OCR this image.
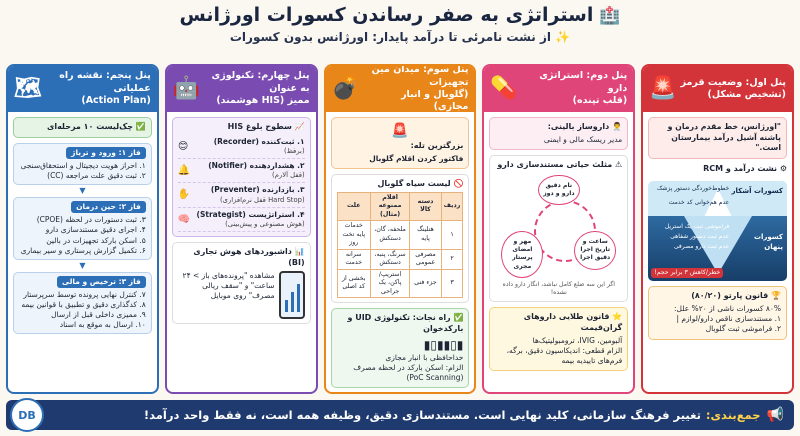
🏥استراتژی به صفر رساندن کسورات اورژانس
✨ از نشت نامرئی تا درآمد پایدار: اورژانس بدون کسورات
پنل اول: وضعیت قرمز
(تشخیص مشکل)
🚨
"اورژانس، خط مقدم درمان و پاشنه آشیل درآمد بیمارستان است."
⚙ نشت درآمد و RCM
کسورات آشکار
کسورات پنهان
خطوط‌خوردگی دستور پزشک
عدم هم‌خوانی کد خدمت
فراموشی ثبت یک استریل
عدم ثبت دستور شفاهی
عدم ثبت دارو مصرفی
خطر/کاهش ۳ برابر حجم!
🏆 قانون پارتو (۸۰/۲۰)
۸۰% کسورات ناشی از ۲۰% علل:
۱. مستندسازی ناقص دارو/لوازم |
۲. فراموشی ثبت گلوبال
پنل دوم: استراتژی دارو
(قلب تپنده)
💊
👨‍⚕️داروساز بالینی:
مدیر ریسک مالی و ایمنی
⚠ مثلث حیاتی مستندسازی دارو
نام دقیق دارو و دوز
ساعت و تاریخ اجرا دقیق اجرا
مهر و امضای پرستار مجری
اگر این سه ضلع کامل نباشد، انگار دارو داده نشده!
⭐ قانون طلایی داروهای گران‌قیمت
آلبومین، IVIG، ترومبولیتیک‌ها
الزام قطعی: اندیکاسیون دقیق، برگه، فرم‌های تاییدیه بیمه
پنل سوم: میدان مین تجهیزات
(گلوبال و انبار مجازی)
💣
🚨
بزرگترین تله:
فاکتور کردن اقلام گلوبال
🚫 لیست سیاه گلوبال
ردیف	دسته کالا	اقلام ممنوعه (مثال)	علت
۱	هتلینگ پایه	ملحفه، گان، دستکش	خدمات پایه تخت روز
۲	مصرفی عمومی	سرنگ، پنبه، دستکش	سرانه خدمت
۳	جزء فنی	استریپ/پاکن، یک جراحی	بخشی از کد اصلی
✅ راه نجات: تکنولوژی UID و بارکدخوان
▮▯▮▮▯▮
خداحافظی با انبار مجازی
الزام: اسکن بارکد در لحظه مصرف (PoC Scanning)
پنل چهارم: تکنولوژی به عنوان
ممیز (HIS هوشمند)
🤖
📈 سطوح بلوغ HIS
۱. ثبت‌کننده (Recorder)
(برفظ)
😊
۲. هشداردهنده (Notifier)
(قفل آلارم)
🔔
۳. بازدارنده (Preventer)
(Hard Stop قفل نرم‌افزاری)
✋
۴. استراتژیست (Strategist)
(هوش مصنوعی و پیش‌بینی)
🧠
📊 داشبوردهای هوش تجاری (BI)
مشاهده "پرونده‌های باز > ۲۴ ساعت" و "سقف ریالی مصرف" روی موبایل
پنل پنجم: نقشه راه عملیاتی
(Action Plan)
🗺
✅ چک‌لیست ۱۰ مرحله‌ای
فاز ۱: ورود و ترباژ
۱. احراز هویت دیجیتال و استحقاق‌سنجی
۲. ثبت دقیق علت مراجعه (CC)
▼
فاز ۲: حین درمان
۳. ثبت دستورات در لحظه (CPOE)
۴. اجرای دقیق مستندسازی دارو
۵. اسکن بارکد تجهیزات در بالین
۶. تکمیل گزارش پرستاری و سیر بیماری
▼
فاز ۳: ترخیص و مالی
۷. کنترل نهایی پرونده توسط سرپرستار
۸. کدگذاری دقیق و تطبیق با قوانین بیمه
۹. ممیزی داخلی قبل از ارسال
۱۰. ارسال به موقع به اسناد
📢
جمع‌بندی:
تغییر فرهنگ سازمانی، کلید نهایی است. مستندسازی دقیق، وظیفه همه است، نه فقط واحد درآمد!
DB
